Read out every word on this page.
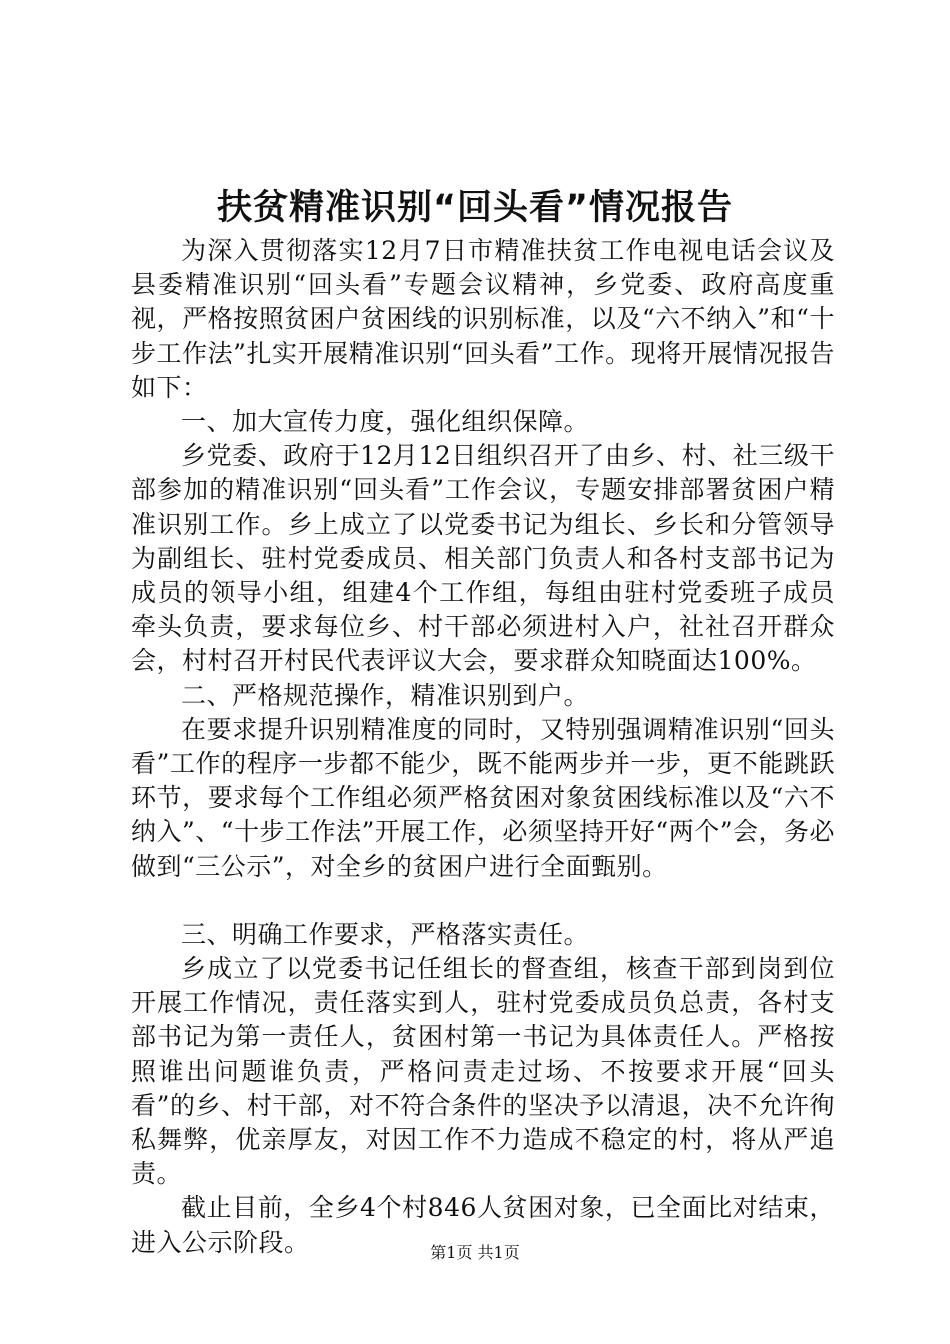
扶贫精准识别“回头看”情况报告

为深入贯彻落实12月7日市精准扶贫工作电视电话会议及县委精准识别“回头看”专题会议精神，乡党委、政府高度重视，严格按照贫困户贫困线的识别标准，以及“六不纳入”和“十步工作法”扎实开展精准识别“回头看”工作。现将开展情况报告如下：

一、加大宣传力度，强化组织保障。

乡党委、政府于12月12日组织召开了由乡、村、社三级干部参加的精准识别“回头看”工作会议，专题安排部署贫困户精准识别工作。乡上成立了以党委书记为组长、乡长和分管领导为副组长、驻村党委成员、相关部门负责人和各村支部书记为成员的领导小组，组建4个工作组，每组由驻村党委班子成员牵头负责，要求每位乡、村干部必须进村入户，社社召开群众会，村村召开村民代表评议大会，要求群众知晓面达100%。

二、严格规范操作，精准识别到户。

在要求提升识别精准度的同时，又特别强调精准识别“回头看”工作的程序一步都不能少，既不能两步并一步，更不能跳跃环节，要求每个工作组必须严格贫困对象贫困线标准以及“六不纳入”、“十步工作法”开展工作，必须坚持开好“两个”会，务必做到“三公示”，对全乡的贫困户进行全面甄别。

三、明确工作要求，严格落实责任。

乡成立了以党委书记任组长的督查组，核查干部到岗到位开展工作情况，责任落实到人，驻村党委成员负总责，各村支部书记为第一责任人，贫困村第一书记为具体责任人。严格按照谁出问题谁负责，严格问责走过场、不按要求开展“回头看”的乡、村干部，对不符合条件的坚决予以清退，决不允许徇私舞弊，优亲厚友，对因工作不力造成不稳定的村，将从严追责。

截止目前，全乡4个村846人贫困对象，已全面比对结束，进入公示阶段。	第1页 共1页
